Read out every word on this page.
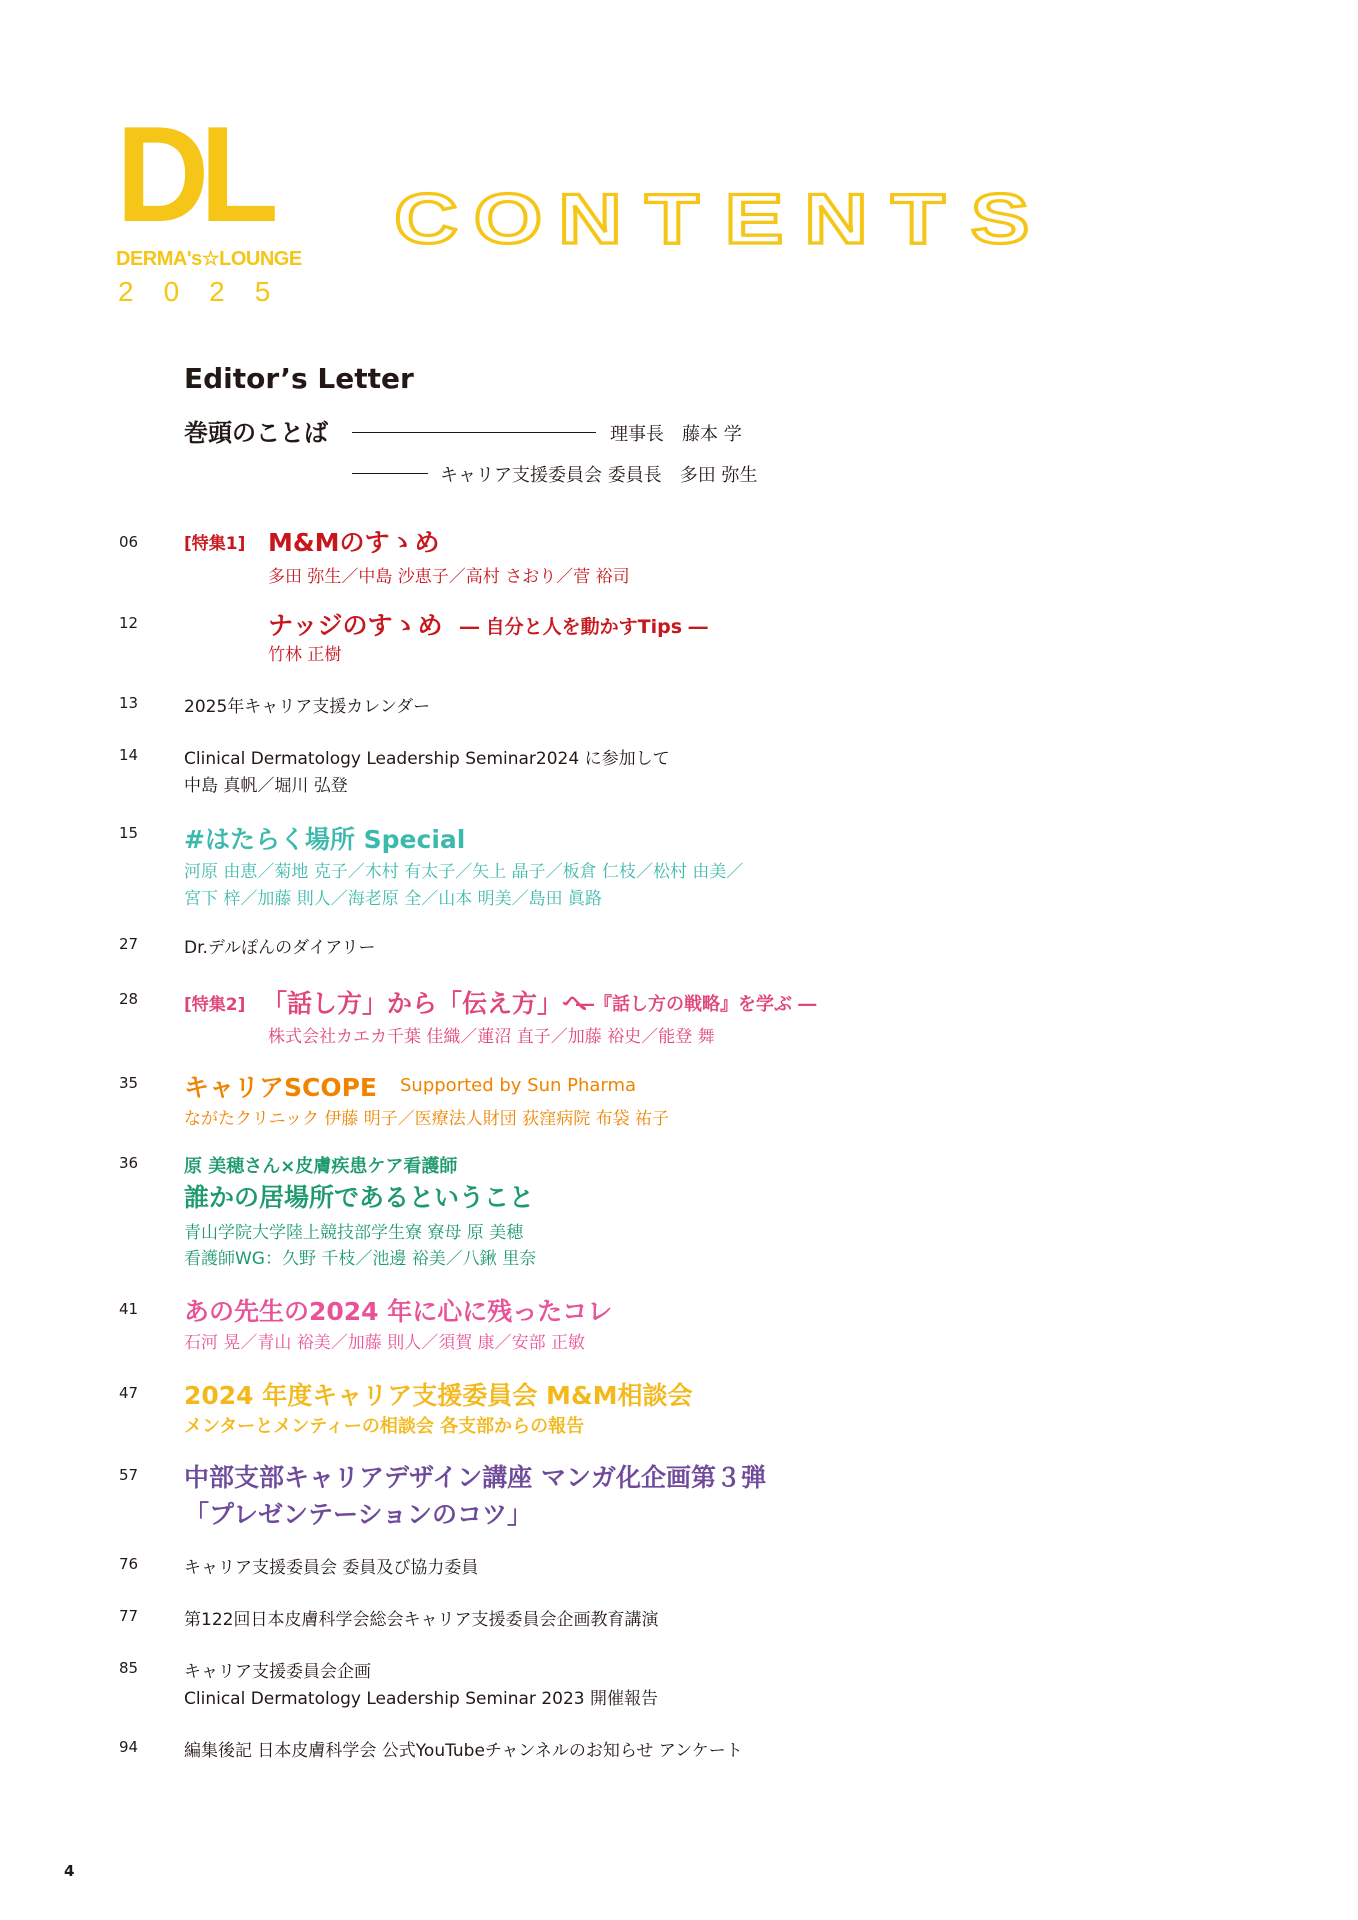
DL
DERMA's☆LOUNGE
2025
C O N T E N T S
Editor’s Letter
巻頭のことば	理事長　藤本 学
キャリア支援委員会 委員長　多田 弥生
06	[特集1] M&Mのすゝめ
多田 弥生／中島 沙恵子／高村 さおり／菅 裕司
12	ナッジのすゝめ ― 自分と人を動かすTips ―
竹林 正樹
13	2025年キャリア支援カレンダー
14	Clinical Dermatology Leadership Seminar2024 に参加して
中島 真帆／堀川 弘登
15 #はたらく場所 Special
河原 由恵／菊地 克子／木村 有太子／矢上 晶子／板倉 仁枝／松村 由美／
宮下 梓／加藤 則人／海老原 全／山本 明美／島田 眞路
27	Dr.デルぽんのダイアリー
28	[特集2] 「話し方」から「伝え方」へ
―『話し方の戦略』を学ぶ ―
株式会社カエカ千葉 佳織／蓮沼 直子／加藤 裕史／能登 舞
35 キャリアSCOPE Supported by Sun Pharma
ながたクリニック 伊藤 明子／医療法人財団 荻窪病院 布袋 祐子
36	原 美穂さん×皮膚疾患ケア看護師
誰かの居場所であるということ
青山学院大学陸上競技部学生寮 寮母 原 美穂
看護師WG：久野 千枝／池邊 裕美／八鍬 里奈
41 あの先生の2024 年に心に残ったコレ
石河 晃／青山 裕美／加藤 則人／須賀 康／安部 正敏
47 2024 年度キャリア支援委員会 M&M相談会
メンターとメンティーの相談会 各支部からの報告
57 中部支部キャリアデザイン講座 マンガ化企画第３弾
「プレゼンテーションのコツ」
76	キャリア支援委員会 委員及び協力委員
77	第122回日本皮膚科学会総会キャリア支援委員会企画教育講演
85	キャリア支援委員会企画
Clinical Dermatology Leadership Seminar 2023 開催報告
94	編集後記 日本皮膚科学会 公式YouTubeチャンネルのお知らせ アンケート
4
